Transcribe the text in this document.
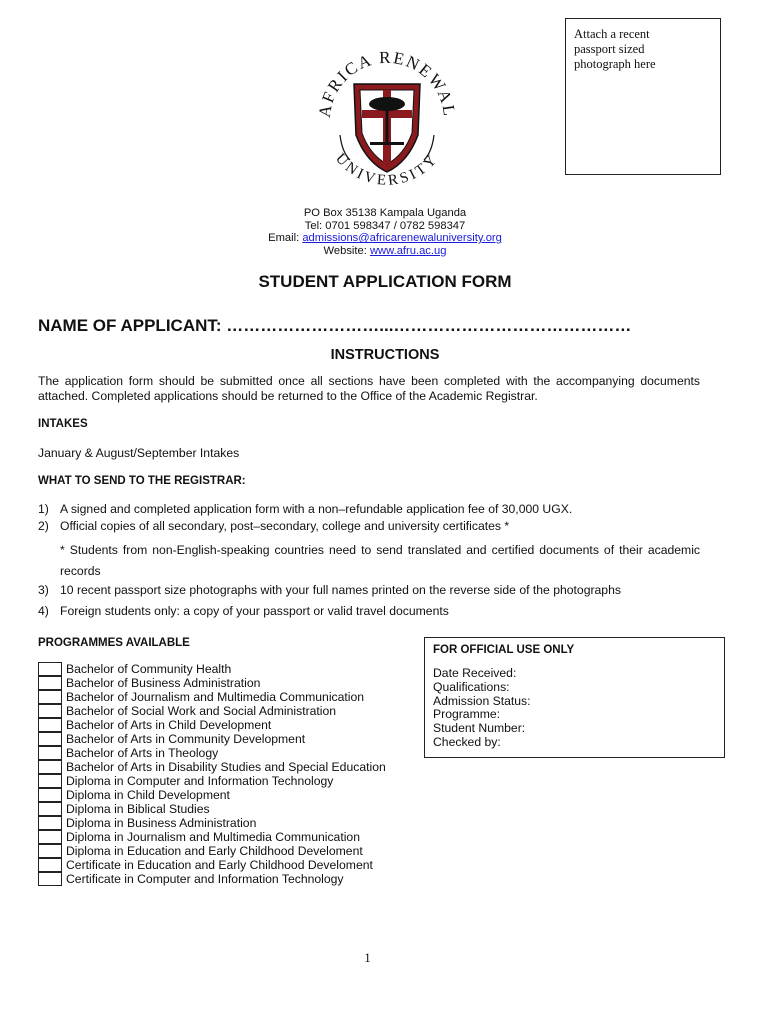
Attach a recent
passport sized
photograph here
AFRICA RENEWAL
UNIVERSITY
PO Box 35138 Kampala Uganda
Tel: 0701 598347 / 0782 598347
Email: admissions@africarenewaluniversity.org
Website: www.afru.ac.ug
STUDENT APPLICATION FORM
NAME OF APPLICANT: ………………………...……………………………………
INSTRUCTIONS
The application form should be submitted once all sections have been completed with the accompanying documents attached. Completed applications should be returned to the Office of the Academic Registrar.
INTAKES
January & August/September Intakes
WHAT TO SEND TO THE REGISTRAR:
1) A signed and completed application form with a non–refundable application fee of 30,000 UGX.
2) Official copies of all secondary, post–secondary, college and university certificates *
* Students from non-English-speaking countries need to send translated and certified documents of their academic records
3) 10 recent passport size photographs with your full names printed on the reverse side of the photographs
4) Foreign students only: a copy of your passport or valid travel documents
PROGRAMMES AVAILABLE
Bachelor of Community Health
Bachelor of Business Administration
Bachelor of Journalism and Multimedia Communication
Bachelor of Social Work and Social Administration
Bachelor of Arts in Child Development
Bachelor of Arts in Community Development
Bachelor of Arts in Theology
Bachelor of Arts in Disability Studies and Special Education
Diploma in Computer and Information Technology
Diploma in Child Development
Diploma in Biblical Studies
Diploma in Business Administration
Diploma in Journalism and Multimedia Communication
Diploma in Education and Early Childhood Develoment
Certificate in Education and Early Childhood Develoment
Certificate in Computer and Information Technology
FOR OFFICIAL USE ONLY
Date Received:
Qualifications:
Admission Status:
Programme:
Student Number:
Checked by:
1
